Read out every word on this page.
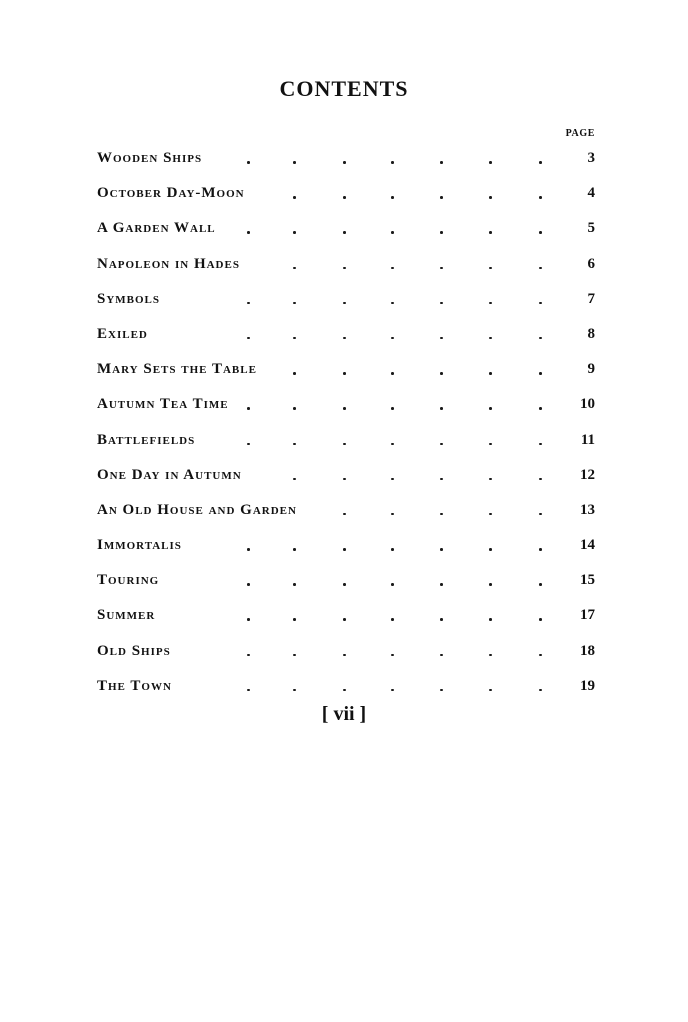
CONTENTS
PAGE
Wooden Ships	3
October Day-Moon	4
A Garden Wall	5
Napoleon in Hades	6
Symbols	7
Exiled	8
Mary Sets the Table	9
Autumn Tea Time	10
Battlefields	11
One Day in Autumn	12
An Old House and Garden	13
Immortalis	14
Touring	15
Summer	17
Old Ships	18
The Town	19
[ vii ]
